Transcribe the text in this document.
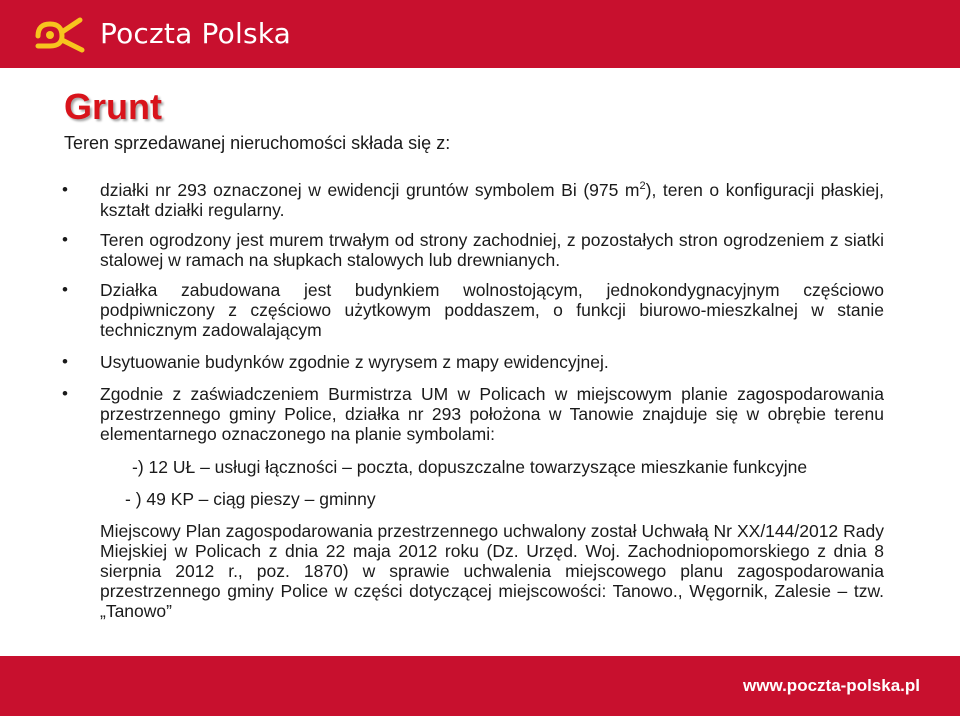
Poczta Polska
Grunt

Teren sprzedawanej nieruchomości składa się z:

• działki nr 293 oznaczonej w ewidencji gruntów symbolem Bi (975 $m^2$), teren o konfiguracji płaskiej, kształt działki regularny.

• Teren ogrodzony jest murem trwałym od strony zachodniej, z pozostałych stron ogrodzeniem z siatki stalowej w ramach na słupkach stalowych lub drewnianych.

• Działka zabudowana jest budynkiem wolnostojącym, jednokondygnacyjnym częściowo podpiwniczony z częściowo użytkowym poddaszem, o funkcji biurowo-mieszkalnej w stanie technicznym zadowalającym

• Usytuowanie budynków zgodnie z wyrysem z mapy ewidencyjnej.

• Zgodnie z zaświadczeniem Burmistrza UM w Policach w miejscowym planie zagospodarowania przestrzennego gminy Police, działka nr 293 położona w Tanowie znajduje się w obrębie terenu elementarnego oznaczonego na planie symbolami:

-) 12 UŁ – usługi łączności – poczta, dopuszczalne towarzyszące mieszkanie funkcyjne

- ) 49 KP – ciąg pieszy – gminny

Miejscowy Plan zagospodarowania przestrzennego uchwalony został Uchwałą Nr XX/144/2012 Rady Miejskiej w Policach z dnia 22 maja 2012 roku (Dz. Urzęd. Woj. Zachodniopomorskiego z dnia 8 sierpnia 2012 r., poz. 1870) w sprawie uchwalenia miejscowego planu zagospodarowania przestrzennego gminy Police w części dotyczącej miejscowości: Tanowo., Węgornik, Zalesie – tzw. „Tanowo”

www.poczta-polska.pl
